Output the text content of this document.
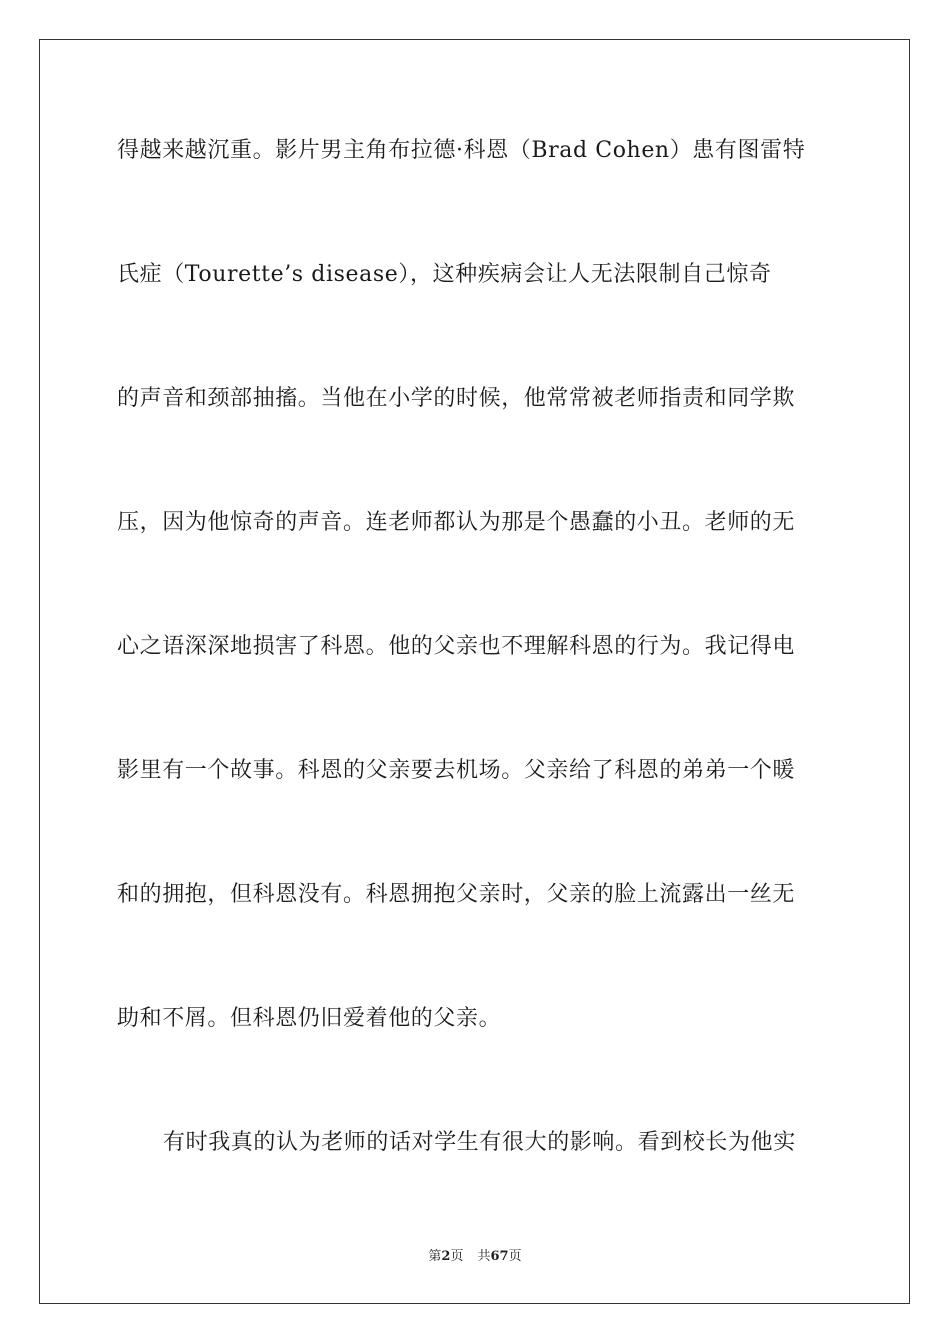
得越来越沉重。影片男主角布拉德·科恩（Brad Cohen）患有图雷特
氏症（Tourette’s disease），这种疾病会让人无法限制自己惊奇
的声音和颈部抽搐。当他在小学的时候，他常常被老师指责和同学欺
压，因为他惊奇的声音。连老师都认为那是个愚蠢的小丑。老师的无
心之语深深地损害了科恩。他的父亲也不理解科恩的行为。我记得电
影里有一个故事。科恩的父亲要去机场。父亲给了科恩的弟弟一个暖
和的拥抱，但科恩没有。科恩拥抱父亲时，父亲的脸上流露出一丝无
助和不屑。但科恩仍旧爱着他的父亲。
有时我真的认为老师的话对学生有很大的影响。看到校长为他实
第2页 共67页
